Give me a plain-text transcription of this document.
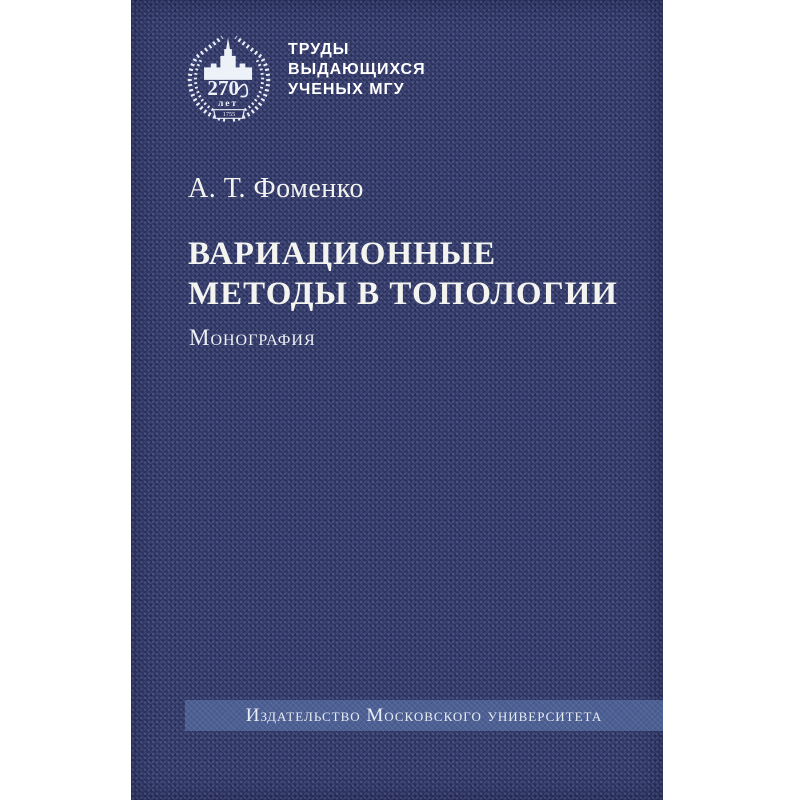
270
лет
1755
ТРУДЫ
ВЫДАЮЩИХСЯ
УЧЕНЫХ МГУ
А. Т. Фоменко
ВАРИАЦИОННЫЕ
МЕТОДЫ В ТОПОЛОГИИ
Монография
Издательство Московского университета
